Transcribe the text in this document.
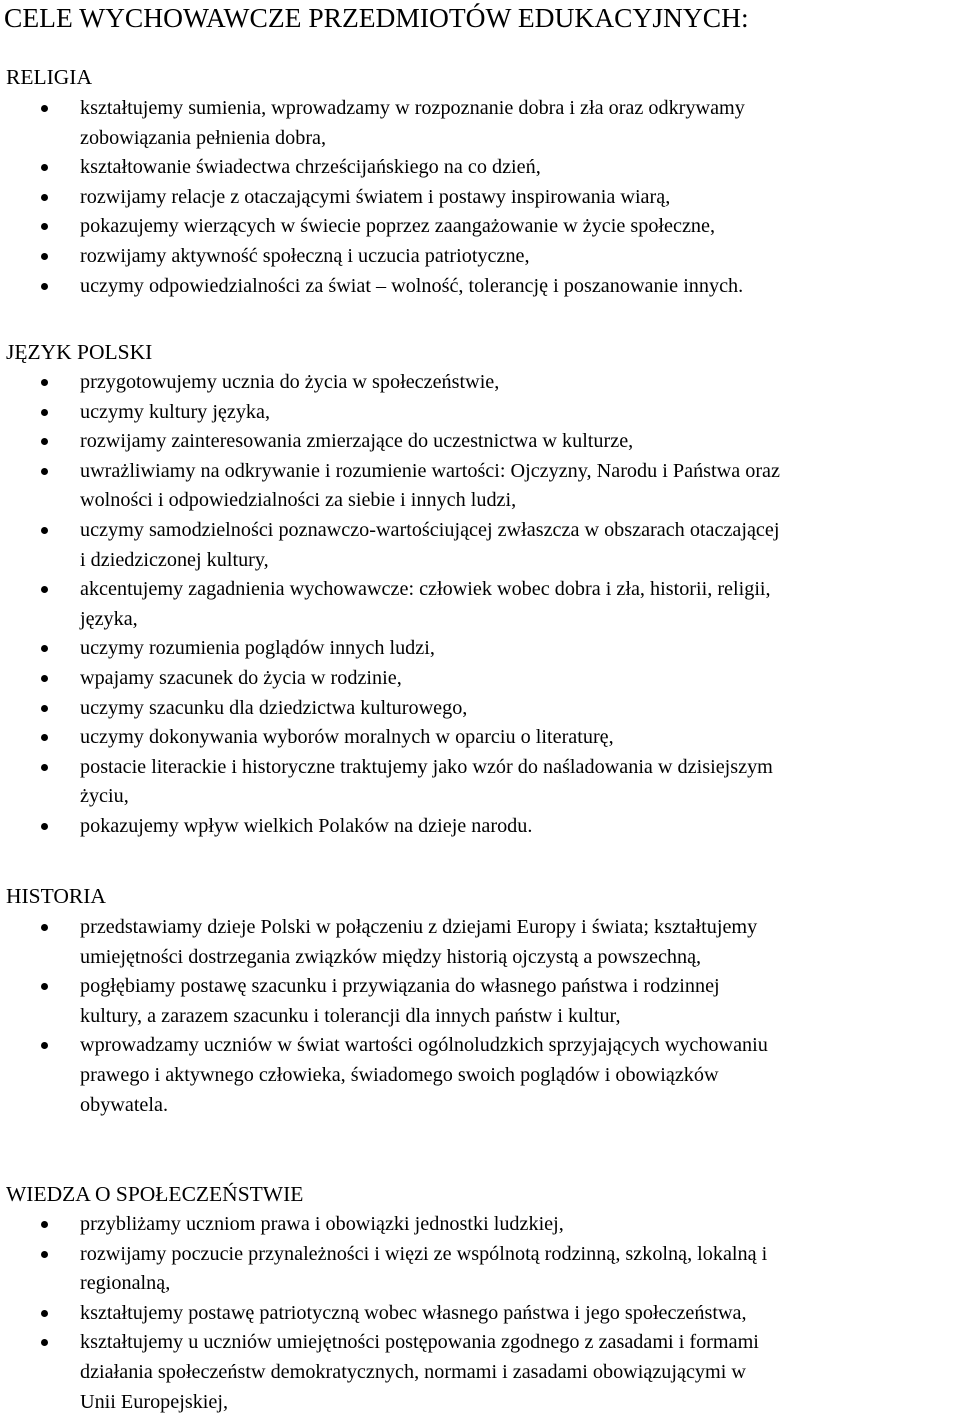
CELE WYCHOWAWCZE PRZEDMIOTÓW EDUKACYJNYCH:
RELIGIA
kształtujemy sumienia, wprowadzamy w rozpoznanie dobra i zła oraz odkrywamy
zobowiązania pełnienia dobra,
kształtowanie świadectwa chrześcijańskiego na co dzień,
rozwijamy relacje z otaczającymi światem i postawy inspirowania wiarą,
pokazujemy wierzących w świecie poprzez zaangażowanie w życie społeczne,
rozwijamy aktywność społeczną i uczucia patriotyczne,
uczymy odpowiedzialności za świat – wolność, tolerancję i poszanowanie innych.
JĘZYK POLSKI
przygotowujemy ucznia do życia w społeczeństwie,
uczymy kultury języka,
rozwijamy zainteresowania zmierzające do uczestnictwa w kulturze,
uwrażliwiamy na odkrywanie i rozumienie wartości: Ojczyzny, Narodu i Państwa oraz
wolności i odpowiedzialności za siebie i innych ludzi,
uczymy samodzielności poznawczo-wartościującej zwłaszcza w obszarach otaczającej
i dziedziczonej kultury,
akcentujemy zagadnienia wychowawcze: człowiek wobec dobra i zła, historii, religii,
języka,
uczymy rozumienia poglądów innych ludzi,
wpajamy szacunek do życia w rodzinie,
uczymy szacunku dla dziedzictwa kulturowego,
uczymy dokonywania wyborów moralnych w oparciu o literaturę,
postacie literackie i historyczne traktujemy jako wzór do naśladowania w dzisiejszym
życiu,
pokazujemy wpływ wielkich Polaków na dzieje narodu.
HISTORIA
przedstawiamy dzieje Polski w połączeniu z dziejami Europy i świata; kształtujemy
umiejętności dostrzegania związków między historią ojczystą a powszechną,
pogłębiamy postawę szacunku i przywiązania do własnego państwa i rodzinnej
kultury, a zarazem szacunku i tolerancji dla innych państw i kultur,
wprowadzamy uczniów w świat wartości ogólnoludzkich sprzyjających wychowaniu
prawego i aktywnego człowieka, świadomego swoich poglądów i obowiązków
obywatela.
WIEDZA O SPOŁECZEŃSTWIE
przybliżamy uczniom prawa i obowiązki jednostki ludzkiej,
rozwijamy poczucie przynależności i więzi ze wspólnotą rodzinną, szkolną, lokalną i
regionalną,
kształtujemy postawę patriotyczną wobec własnego państwa i jego społeczeństwa,
kształtujemy u uczniów umiejętności postępowania zgodnego z zasadami i formami
działania społeczeństw demokratycznych, normami i zasadami obowiązującymi w
Unii Europejskiej,
